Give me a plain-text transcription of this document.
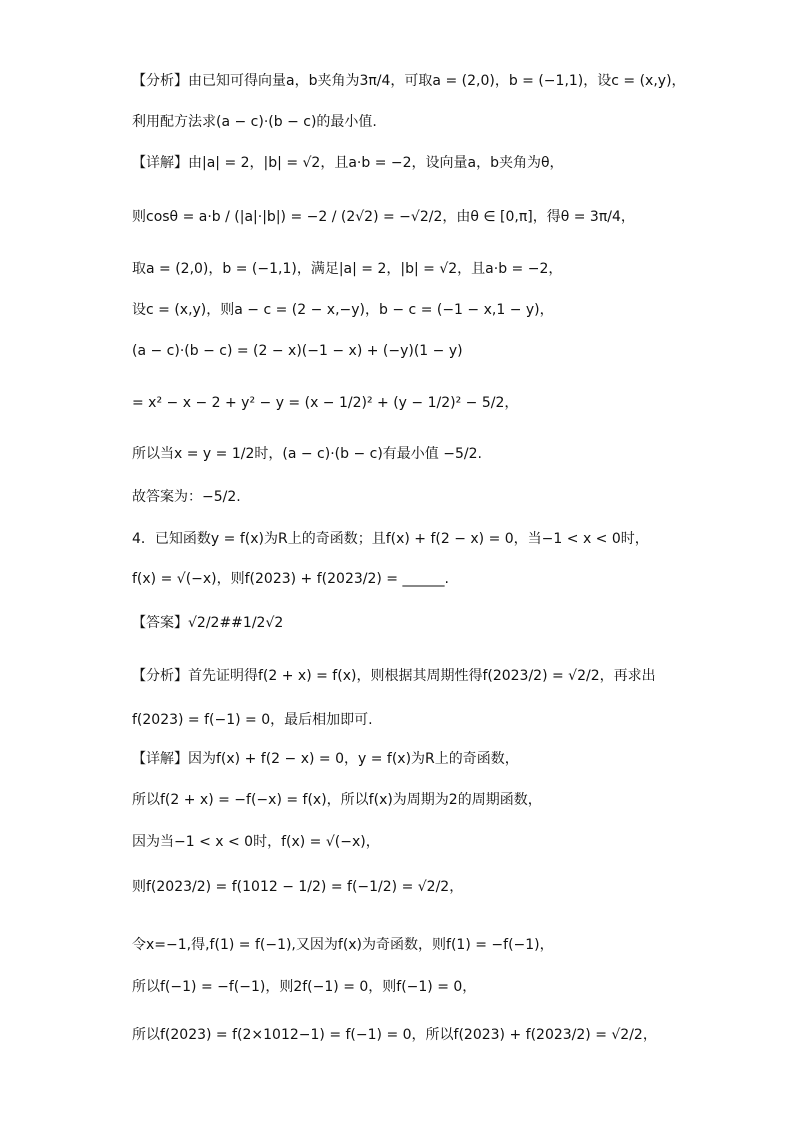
【分析】由已知可得向量a，b夹角为3π/4，可取a = (2,0)，b = (−1,1)，设c = (x,y)，
利用配方法求(a − c)·(b − c)的最小值.
【详解】由|a| = 2，|b| = √2，且a·b = −2，设向量a，b夹角为θ，
则cosθ = a·b / (|a|·|b|) = −2 / (2√2) = −√2/2，由θ ∈ [0,π]，得θ = 3π/4，
取a = (2,0)，b = (−1,1)，满足|a| = 2，|b| = √2，且a·b = −2，
设c = (x,y)，则a − c = (2 − x,−y)，b − c = (−1 − x,1 − y)，
(a − c)·(b − c) = (2 − x)(−1 − x) + (−y)(1 − y)
= x² − x − 2 + y² − y = (x − 1/2)² + (y − 1/2)² − 5/2，
所以当x = y = 1/2时，(a − c)·(b − c)有最小值 −5/2.
故答案为：−5/2.
4．已知函数y = f(x)为R上的奇函数；且f(x) + f(2 − x) = 0，当−1 < x < 0时，
f(x) = √(−x)，则f(2023) + f(2023/2) = ______.
【答案】√2/2##1/2√2
【分析】首先证明得f(2 + x) = f(x)，则根据其周期性得f(2023/2) = √2/2，再求出
f(2023) = f(−1) = 0，最后相加即可.
【详解】因为f(x) + f(2 − x) = 0，y = f(x)为R上的奇函数，
所以f(2 + x) = −f(−x) = f(x)，所以f(x)为周期为2的周期函数，
因为当−1 < x < 0时，f(x) = √(−x)，
则f(2023/2) = f(1012 − 1/2) = f(−1/2) = √2/2，
令x=−1,得,f(1) = f(−1),又因为f(x)为奇函数，则f(1) = −f(−1)，
所以f(−1) = −f(−1)，则2f(−1) = 0，则f(−1) = 0，
所以f(2023) = f(2×1012−1) = f(−1) = 0，所以f(2023) + f(2023/2) = √2/2，
